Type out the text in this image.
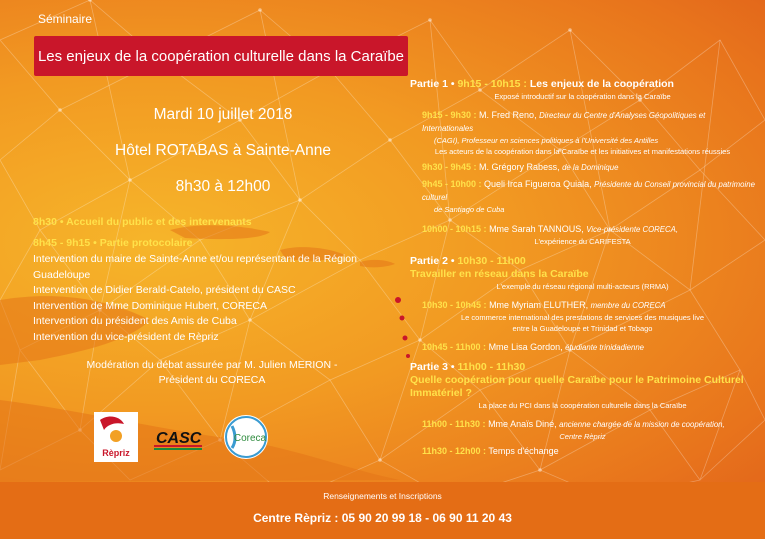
Séminaire
Les enjeux de la coopération culturelle dans la Caraïbe
Mardi 10 juillet 2018
Hôtel ROTABAS à Sainte-Anne
8h30 à 12h00
8h30 • Accueil du public et des intervenants
8h45 - 9h15 • Partie protocolaire
Intervention du maire de Sainte-Anne et/ou représentant de la Région Guadeloupe
Intervention de Didier Berald-Catelo, président du CASC
Intervention de Mme Dominique Hubert, CORECA
Intervention du président des Amis de Cuba
Intervention du vice-président de Rèpriz
Modération du débat assurée par M. Julien MERION -
Président du CORECA
Rèpriz
CASC	Coreca
Partie 1 • 9h15 - 10h15 : Les enjeux de la coopération
Exposé introductif sur la coopération dans la Caraïbe
9h15 - 9h30 : M. Fred Reno, Directeur du Centre d'Analyses Géopolitiques et Internationales
(CAGI), Professeur en sciences politiques à l'Université des Antilles
Les acteurs de la coopération dans la Caraïbe et les initiatives et manifestations réussies
9h30 - 9h45 : M. Grégory Rabess, de la Dominique
9h45 - 10h00 : Queli Irca Figueroa Quiala, Présidente du Conseil provincial du patrimoine culturel
de Santiago de Cuba
10h00 - 10h15 : Mme Sarah TANNOUS, Vice-présidente CORECA,
L'expérience du CARIFESTA
Partie 2 • 10h30 - 11h00
Travailler en réseau dans la Caraïbe
L'exemple du réseau régional multi-acteurs (RRMA)
10h30 - 10h45 : Mme Myriam ELUTHER, membre du CORECA
Le commerce international des prestations de services des musiques live
entre la Guadeloupe et Trinidad et Tobago
10h45 - 11h00 : Mme Lisa Gordon, étudiante trinidadienne
Partie 3 • 11h00 - 11h30
Quelle coopération pour quelle Caraïbe pour le Patrimoine Culturel Immatériel ?
La place du PCI dans la coopération culturelle dans la Caraïbe
11h00 - 11h30 : Mme Anaïs Diné, ancienne chargée de la mission de coopération,
Centre Rèpriz
11h30 - 12h00 : Temps d'échange
Renseignements et Inscriptions
Centre Rèpriz : 05 90 20 99 18 - 06 90 11 20 43
